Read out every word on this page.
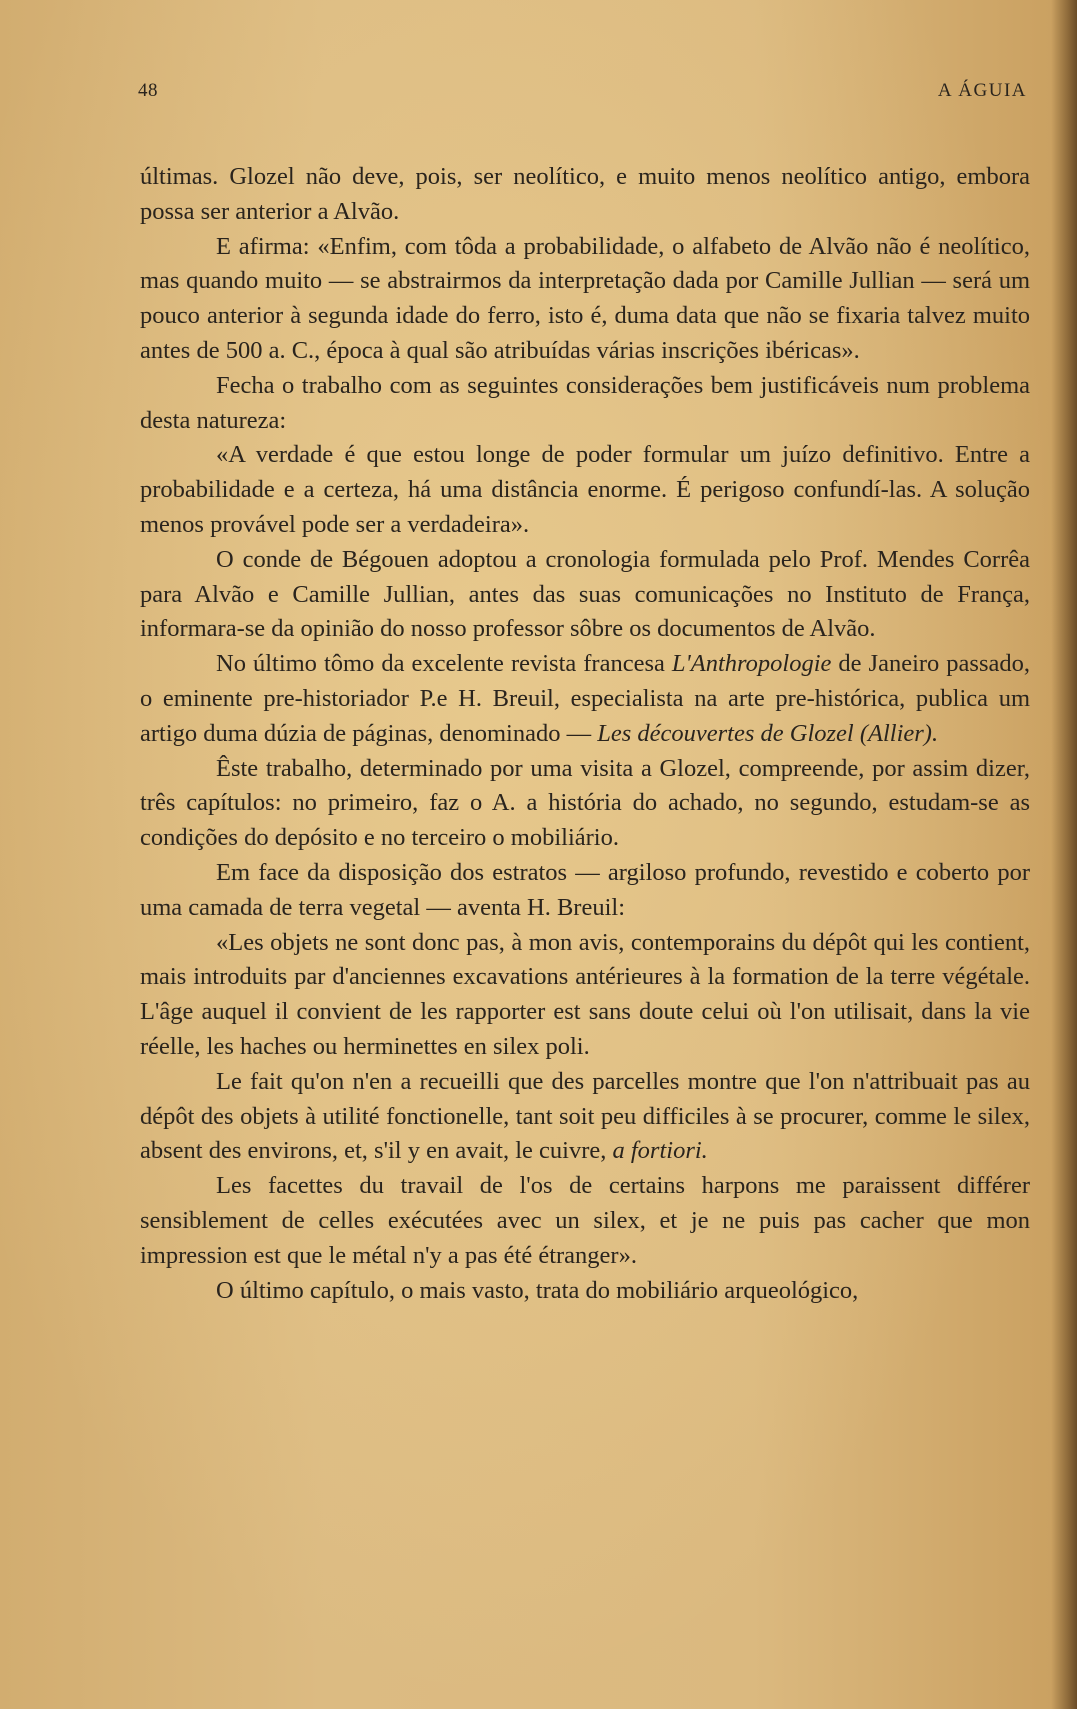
48	A ÁGUIA

últimas. Glozel não deve, pois, ser neolítico, e muito menos neolítico antigo, embora possa ser anterior a Alvão.

E afirma: «Enfim, com tôda a probabilidade, o alfabeto de Alvão não é neolítico, mas quando muito — se abstrairmos da interpretação dada por Camille Jullian — será um pouco anterior à segunda idade do ferro, isto é, duma data que não se fixaria talvez muito antes de 500 a. C., época à qual são atribuídas várias inscrições ibéricas».

Fecha o trabalho com as seguintes considerações bem justificáveis num problema desta natureza:

«A verdade é que estou longe de poder formular um juízo definitivo. Entre a probabilidade e a certeza, há uma distância enorme. É perigoso confundí-las. A solução menos provável pode ser a verdadeira».

O conde de Bégouen adoptou a cronologia formulada pelo Prof. Mendes Corrêa para Alvão e Camille Jullian, antes das suas comunicações no Instituto de França, informara-se da opinião do nosso professor sôbre os documentos de Alvão.

No último tômo da excelente revista francesa L'Anthropologie de Janeiro passado, o eminente pre-historiador P.e H. Breuil, especialista na arte pre-histórica, publica um artigo duma dúzia de páginas, denominado — Les découvertes de Glozel (Allier).

Êste trabalho, determinado por uma visita a Glozel, compreende, por assim dizer, três capítulos: no primeiro, faz o A. a história do achado, no segundo, estudam-se as condições do depósito e no terceiro o mobiliário.

Em face da disposição dos estratos — argiloso profundo, revestido e coberto por uma camada de terra vegetal — aventa H. Breuil:

«Les objets ne sont donc pas, à mon avis, contemporains du dépôt qui les contient, mais introduits par d'anciennes excavations antérieures à la formation de la terre végétale. L'âge auquel il convient de les rapporter est sans doute celui où l'on utilisait, dans la vie réelle, les haches ou herminettes en silex poli.

Le fait qu'on n'en a recueilli que des parcelles montre que l'on n'attribuait pas au dépôt des objets à utilité fonctionelle, tant soit peu difficiles à se procurer, comme le silex, absent des environs, et, s'il y en avait, le cuivre, a fortiori.

Les facettes du travail de l'os de certains harpons me paraissent différer sensiblement de celles exécutées avec un silex, et je ne puis pas cacher que mon impression est que le métal n'y a pas été étranger».

O último capítulo, o mais vasto, trata do mobiliário arqueológico,
